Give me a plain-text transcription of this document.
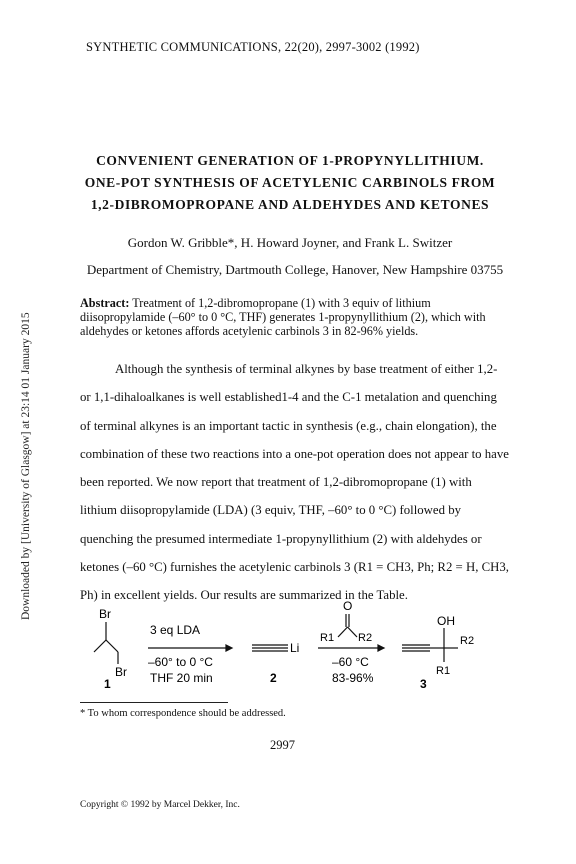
SYNTHETIC COMMUNICATIONS, 22(20), 2997-3002 (1992)
CONVENIENT GENERATION OF 1-PROPYNYLLITHIUM.
ONE-POT SYNTHESIS OF ACETYLENIC CARBINOLS FROM
1,2-DIBROMOPROPANE AND ALDEHYDES AND KETONES
Gordon W. Gribble*, H. Howard Joyner, and Frank L. Switzer
Department of Chemistry, Dartmouth College, Hanover, New Hampshire 03755
Abstract: Treatment of 1,2-dibromopropane (1) with 3 equiv of lithium diisopropylamide (–60° to 0 °C, THF) generates 1-propynyllithium (2), which with aldehydes or ketones affords acetylenic carbinols 3 in 82-96% yields.

Although the synthesis of terminal alkynes by base treatment of either 1,2- or 1,1-dihaloalkanes is well established1-4 and the C-1 metalation and quenching of terminal alkynes is an important tactic in synthesis (e.g., chain elongation), the combination of these two reactions into a one-pot operation does not appear to have been reported. We now report that treatment of 1,2-dibromopropane (1) with lithium diisopropylamide (LDA) (3 equiv, THF, –60° to 0 °C) followed by quenching the presumed intermediate 1-propynyllithium (2) with aldehydes or ketones (–60 °C) furnishes the acetylenic carbinols 3 (R1 = CH3, Ph; R2 = H, CH3, Ph) in excellent yields. Our results are summarized in the Table.

Br
Br
1
3 eq LDA
–60° to 0 °C
THF 20 min
Li
2
O
R1 R2
–60 °C
83-96%
OH
R2
R1
3
* To whom correspondence should be addressed.
2997
Copyright © 1992 by Marcel Dekker, Inc.
Downloaded by [University of Glasgow] at 23:14 01 January 2015
